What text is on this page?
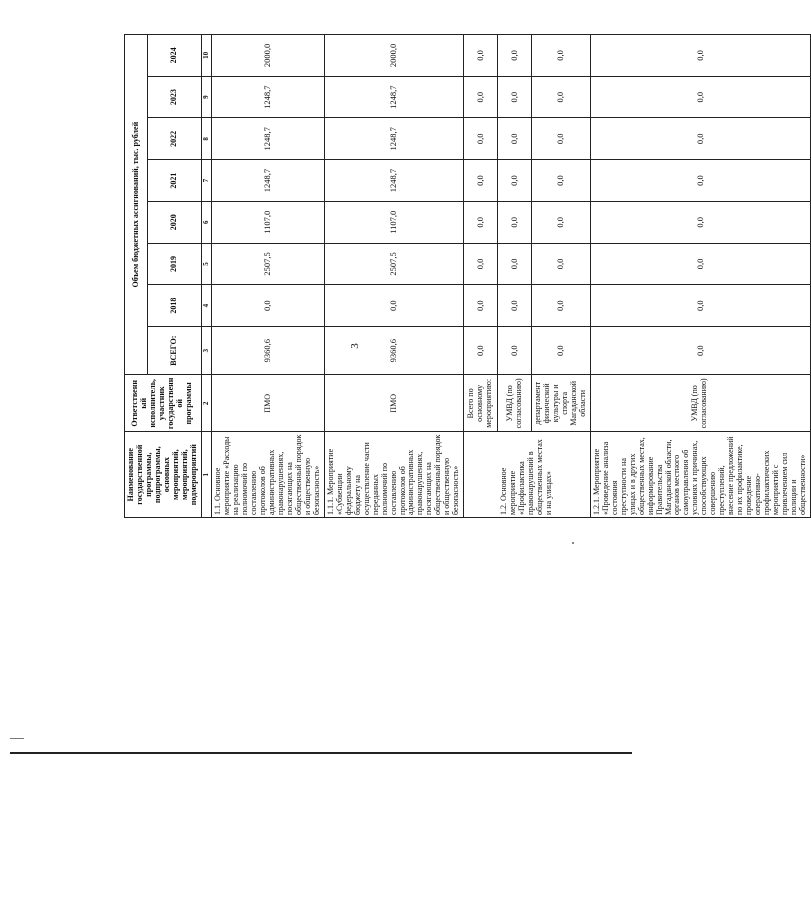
3
Наименование государственной программы, подпрограммы, основных мероприятий, мероприятий, подмероприятий	Ответственный исполнитель, участник государственной программы	Объем бюджетных ассигнований, тыс. рублей							
		ВСЕГО:	2018	2019	2020	2021	2022	2023	2024
1	2	3	4	5	6	7	8	9	10
1.1. Основное мероприятие «Расходы на реализацию полномочий по составлению протоколов об административных правонарушениях, посягающих на общественный порядок и общественную безопасность»	ПМО	9360,6	0,0	2507,5	1107,0	1248,7	1248,7	1248,7	2000,0
1.1.1. Мероприятие «Субвенции федеральному бюджету на осуществление части переданных полномочий по составлению протоколов об административных правонарушениях, посягающих на общественный порядок и общественную безопасность»	ПМО	9360,6	0,0	2507,5	1107,0	1248,7	1248,7	1248,7	2000,0
1.2. Основное мероприятие «Профилактика правонарушений в общественных местах и на улицах»	Всего по основному мероприятию:	0,0	0,0	0,0	0,0	0,0	0,0	0,0	0,0
	УМВД (по согласованию)	0,0	0,0	0,0	0,0	0,0	0,0	0,0	0,0
	департамент физической культуры и спорта Магаданской области	0,0	0,0	0,0	0,0	0,0	0,0	0,0	0,0
1.2.1. Мероприятие «Проведение анализа состояния преступности на улицах и в других общественных местах, информирование Правительства Магаданской области, органов местного самоуправления об условиях и причинах, способствующих совершению преступлений, внесение предложений по их профилактике, проведение оперативно-профилактических мероприятий с привлечением сил полиции и общественности»	УМВД (по согласованию)	0,0	0,0	0,0	0,0	0,0	0,0	0,0	0,0
